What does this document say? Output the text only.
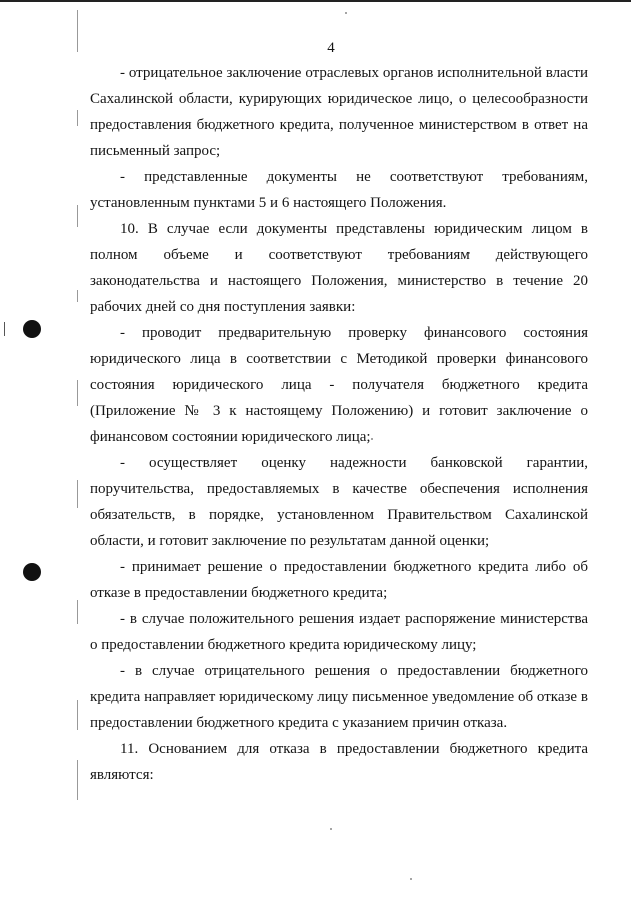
4

- отрицательное заключение отраслевых органов исполнительной власти Сахалинской области, курирующих юридическое лицо, о целесообразности предоставления бюджетного кредита, полученное министерством в ответ на письменный запрос;

- представленные документы не соответствуют требованиям, установленным пунктами 5 и 6 настоящего Положения.

10. В случае если документы представлены юридическим лицом в полном объеме и соответствуют требованиям действующего законодательства и настоящего Положения, министерство в течение 20 рабочих дней со дня поступления заявки:

- проводит предварительную проверку финансового состояния юридического лица в соответствии с Методикой проверки финансового состояния юридического лица - получателя бюджетного кредита (Приложение № 3 к настоящему Положению) и готовит заключение о финансовом состоянии юридического лица;

- осуществляет оценку надежности банковской гарантии, поручительства, предоставляемых в качестве обеспечения исполнения обязательств, в порядке, установленном Правительством Сахалинской области, и готовит заключение по результатам данной оценки;

- принимает решение о предоставлении бюджетного кредита либо об отказе в предоставлении бюджетного кредита;

- в случае положительного решения издает распоряжение министерства о предоставлении бюджетного кредита юридическому лицу;

- в случае отрицательного решения о предоставлении бюджетного кредита направляет юридическому лицу письменное уведомление об отказе в предоставлении бюджетного кредита с указанием причин отказа.

11. Основанием для отказа в предоставлении бюджетного кредита являются:
